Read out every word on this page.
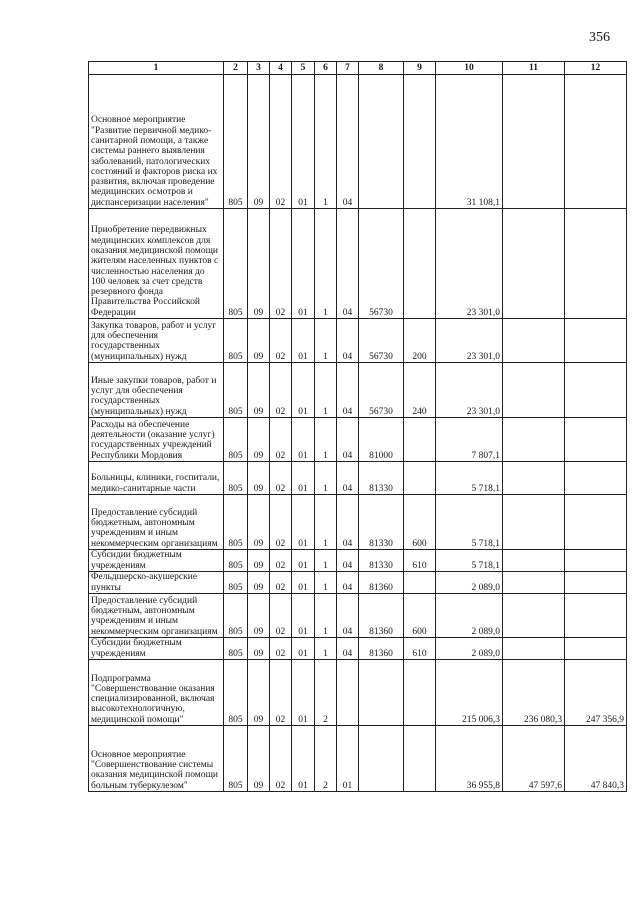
356
1	2	3	4	5	6	7	8	9	10	11	12
Основное мероприятие "Развитие первичной медико-санитарной помощи, а также системы раннего выявления заболеваний, патологических состояний и факторов риска их развития, включая проведение медицинских осмотров и диспансеризации населения"	805	09	02	01	1	04			31 108,1		
Приобретение передвижных медицинских комплексов для оказания медицинской помощи жителям населенных пунктов с численностью населения до 100 человек за счет средств резервного фонда Правительства Российской Федерации	805	09	02	01	1	04	56730		23 301,0		
Закупка товаров, работ и услуг для обеспечения государственных (муниципальных) нужд	805	09	02	01	1	04	56730	200	23 301,0		
Иные закупки товаров, работ и услуг для обеспечения государственных (муниципальных) нужд	805	09	02	01	1	04	56730	240	23 301,0		
Расходы на обеспечение деятельности (оказание услуг) государственных учреждений Республики Мордовия	805	09	02	01	1	04	81000		7 807,1		
Больницы, клиники, госпитали, медико-санитарные части	805	09	02	01	1	04	81330		5 718,1		
Предоставление субсидий бюджетным, автономным учреждениям и иным некоммерческим организациям	805	09	02	01	1	04	81330	600	5 718,1		
Субсидии бюджетным учреждениям	805	09	02	01	1	04	81330	610	5 718,1		
Фельдшерско-акушерские пункты	805	09	02	01	1	04	81360		2 089,0		
Предоставление субсидий бюджетным, автономным учреждениям и иным некоммерческим организациям	805	09	02	01	1	04	81360	600	2 089,0		
Субсидии бюджетным учреждениям	805	09	02	01	1	04	81360	610	2 089,0		
Подпрограмма "Совершенствование оказания специализированной, включая высокотехнологичную, медицинской помощи"	805	09	02	01	2				215 006,3	236 080,3	247 356,9
Основное мероприятие "Совершенствование системы оказания медицинской помощи больным туберкулезом"	805	09	02	01	2	01			36 955,8	47 597,6	47 840,3
